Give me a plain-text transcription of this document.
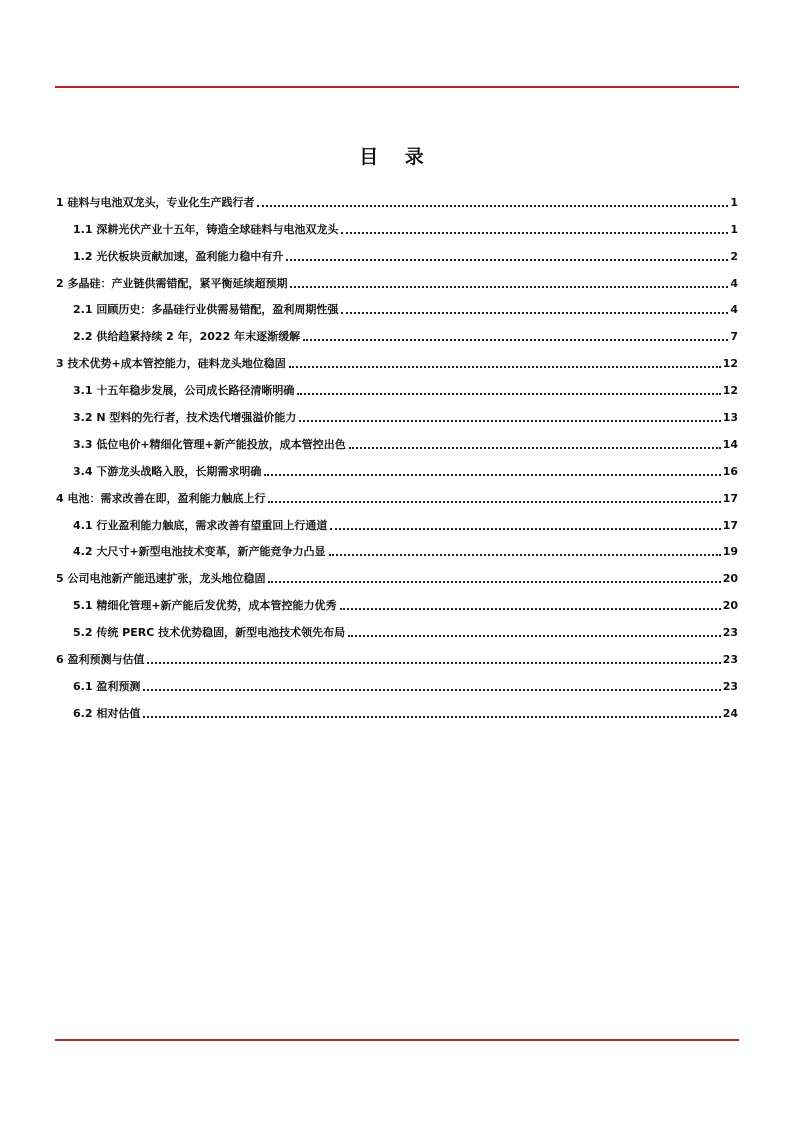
目 录
1 硅料与电池双龙头，专业化生产践行者	1
1.1 深耕光伏产业十五年，铸造全球硅料与电池双龙头	1
1.2 光伏板块贡献加速，盈利能力稳中有升	2
2 多晶硅：产业链供需错配，紧平衡延续超预期	4
2.1 回顾历史：多晶硅行业供需易错配，盈利周期性强	4
2.2 供给趋紧持续 2 年，2022 年末逐渐缓解	7
3 技术优势+成本管控能力，硅料龙头地位稳固	12
3.1 十五年稳步发展，公司成长路径清晰明确	12
3.2 N 型料的先行者，技术迭代增强溢价能力	13
3.3 低位电价+精细化管理+新产能投放，成本管控出色	14
3.4 下游龙头战略入股，长期需求明确	16
4 电池：需求改善在即，盈利能力触底上行	17
4.1 行业盈利能力触底，需求改善有望重回上行通道	17
4.2 大尺寸+新型电池技术变革，新产能竞争力凸显	19
5 公司电池新产能迅速扩张，龙头地位稳固	20
5.1 精细化管理+新产能后发优势，成本管控能力优秀	20
5.2 传统 PERC 技术优势稳固，新型电池技术领先布局	23
6 盈利预测与估值	23
6.1 盈利预测	23
6.2 相对估值	24
